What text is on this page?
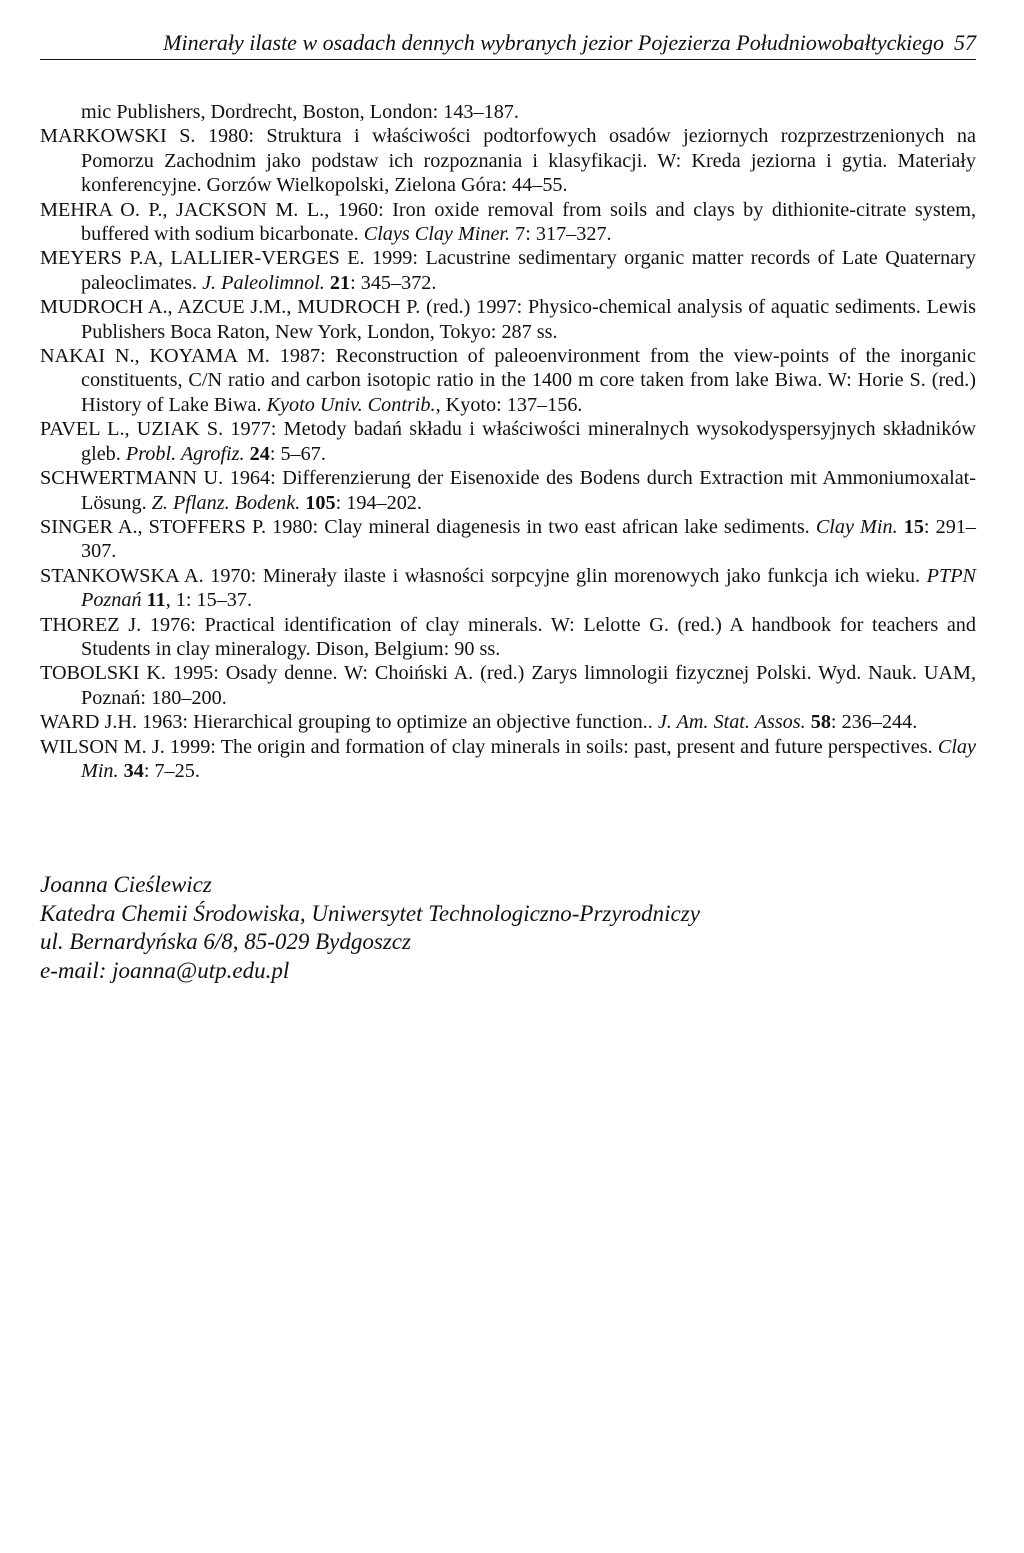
Minerały ilaste w osadach dennych wybranych jezior Pojezierza Południowobałtyckiego 57

mic Publishers, Dordrecht, Boston, London: 143–187.

MARKOWSKI S. 1980: Struktura i właściwości podtorfowych osadów jeziornych rozprzestrzenionych na Pomorzu Zachodnim jako podstaw ich rozpoznania i klasyfikacji. W: Kreda jeziorna i gytia. Materiały konferencyjne. Gorzów Wielkopolski, Zielona Góra: 44–55.

MEHRA O. P., JACKSON M. L., 1960: Iron oxide removal from soils and clays by dithionite-citrate system, buffered with sodium bicarbonate. Clays Clay Miner. 7: 317–327.

MEYERS P.A, LALLIER-VERGES E. 1999: Lacustrine sedimentary organic matter records of Late Quaternary paleoclimates. J. Paleolimnol. 21: 345–372.

MUDROCH A., AZCUE J.M., MUDROCH P. (red.) 1997: Physico-chemical analysis of aquatic sediments. Lewis Publishers Boca Raton, New York, London, Tokyo: 287 ss.

NAKAI N., KOYAMA M. 1987: Reconstruction of paleoenvironment from the view-points of the inorganic constituents, C/N ratio and carbon isotopic ratio in the 1400 m core taken from lake Biwa. W: Horie S. (red.) History of Lake Biwa. Kyoto Univ. Contrib., Kyoto: 137–156.

PAVEL L., UZIAK S. 1977: Metody badań składu i właściwości mineralnych wysokodyspersyjnych składników gleb. Probl. Agrofiz. 24: 5–67.

SCHWERTMANN U. 1964: Differenzierung der Eisenoxide des Bodens durch Extraction mit Ammoniumoxalat-Lösung. Z. Pflanz. Bodenk. 105: 194–202.

SINGER A., STOFFERS P. 1980: Clay mineral diagenesis in two east african lake sediments. Clay Min. 15: 291–307.

STANKOWSKA A. 1970: Minerały ilaste i własności sorpcyjne glin morenowych jako funkcja ich wieku. PTPN Poznań 11, 1: 15–37.

THOREZ J. 1976: Practical identification of clay minerals. W: Lelotte G. (red.) A handbook for teachers and Students in clay mineralogy. Dison, Belgium: 90 ss.

TOBOLSKI K. 1995: Osady denne. W: Choiński A. (red.) Zarys limnologii fizycznej Polski. Wyd. Nauk. UAM, Poznań: 180–200.

WARD J.H. 1963: Hierarchical grouping to optimize an objective function.. J. Am. Stat. Assos. 58: 236–244.

WILSON M. J. 1999: The origin and formation of clay minerals in soils: past, present and future perspectives. Clay Min. 34: 7–25.

Joanna Cieślewicz
Katedra Chemii Środowiska, Uniwersytet Technologiczno-Przyrodniczy
ul. Bernardyńska 6/8, 85-029 Bydgoszcz
e-mail: joanna@utp.edu.pl
